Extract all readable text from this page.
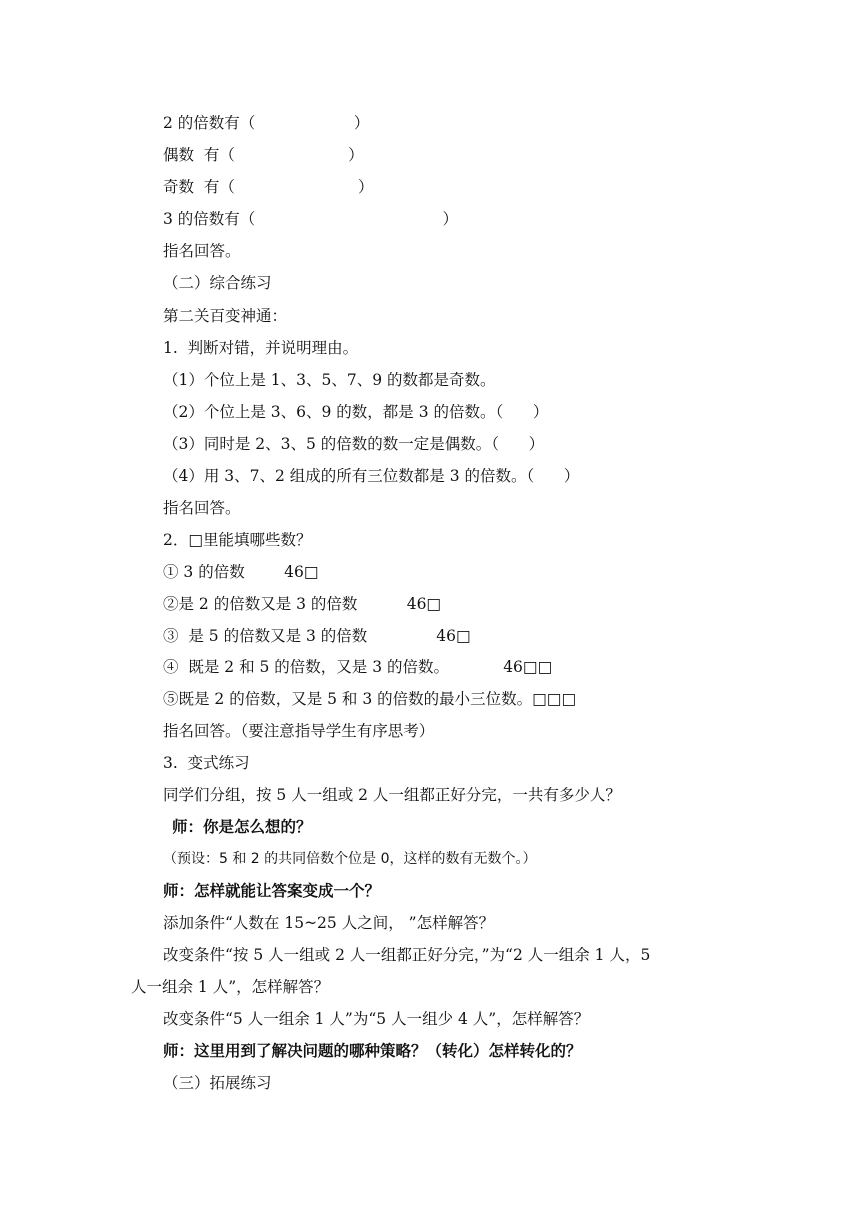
2 的倍数有（                    ）
偶数  有（                       ）
奇数  有（                         ）
3 的倍数有（                                      ）
指名回答。
（二）综合练习
第二关百变神通：
1.  判断对错，并说明理由。
（1）个位上是 1、3、5、7、9 的数都是奇数。
（2）个位上是 3、6、9 的数，都是 3 的倍数。（      ）
（3）同时是 2、3、5 的倍数的数一定是偶数。（      ）
（4）用 3、7、2 组成的所有三位数都是 3 的倍数。（      ）
指名回答。
2．□里能填哪些数？
① 3 的倍数        46□
②是 2 的倍数又是 3 的倍数          46□
③  是 5 的倍数又是 3 的倍数              46□
④  既是 2 和 5 的倍数，又是 3 的倍数。           46□□
⑤既是 2 的倍数，又是 5 和 3 的倍数的最小三位数。□□□
指名回答。（要注意指导学生有序思考）
3.  变式练习
同学们分组，按 5 人一组或 2 人一组都正好分完，一共有多少人？
师：你是怎么想的？
（预设：5 和 2 的共同倍数个位是 0，这样的数有无数个。）
师：怎样就能让答案变成一个？
添加条件“人数在 15~25 人之间， ”怎样解答？
改变条件“按 5 人一组或 2 人一组都正好分完，”为“2 人一组余 1 人，5
人一组余 1 人”，怎样解答？
改变条件“5 人一组余 1 人”为“5 人一组少 4 人”，怎样解答？
师：这里用到了解决问题的哪种策略？（转化）怎样转化的？
（三）拓展练习
